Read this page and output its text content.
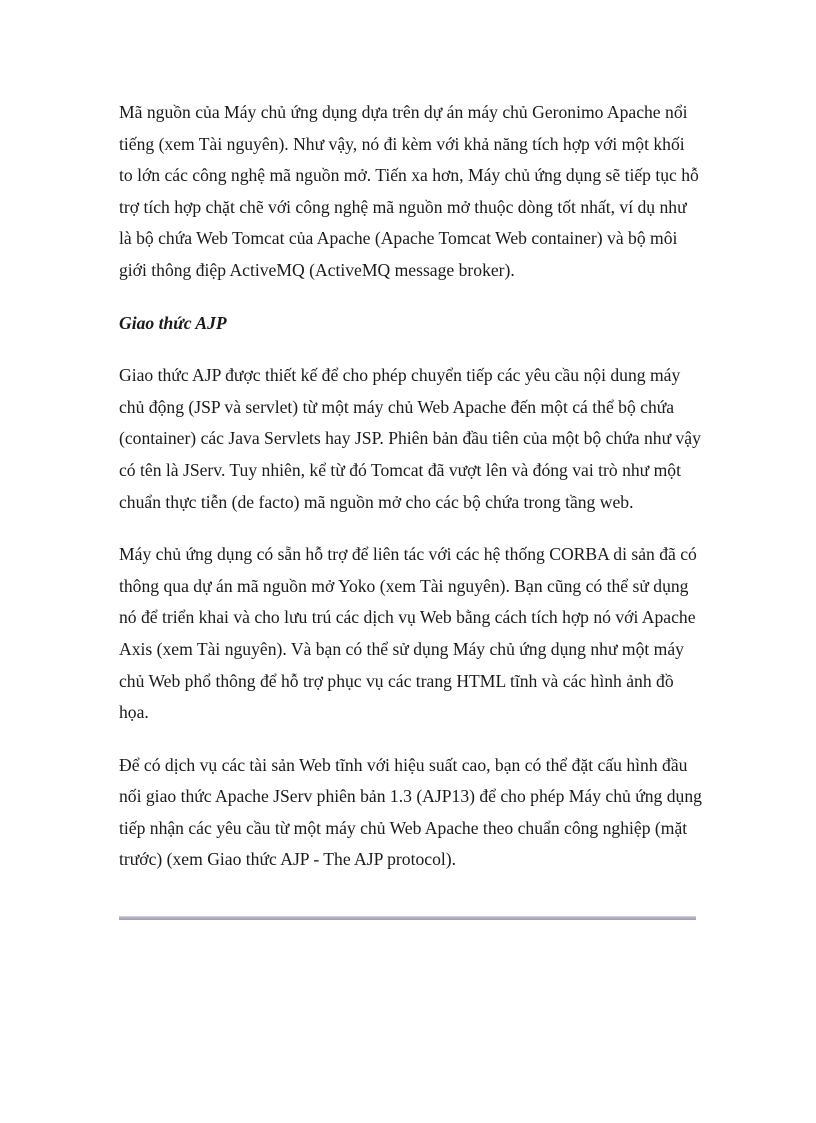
Mã nguồn của Máy chủ ứng dụng dựa trên dự án máy chủ Geronimo Apache nổi
tiếng (xem Tài nguyên). Như vậy, nó đi kèm với khả năng tích hợp với một khối
to lớn các công nghệ mã nguồn mở. Tiến xa hơn, Máy chủ ứng dụng sẽ tiếp tục hỗ
trợ tích hợp chặt chẽ với công nghệ mã nguồn mở thuộc dòng tốt nhất, ví dụ như
là bộ chứa Web Tomcat của Apache (Apache Tomcat Web container) và bộ môi
giới thông điệp ActiveMQ (ActiveMQ message broker).

Giao thức AJP

Giao thức AJP được thiết kế để cho phép chuyển tiếp các yêu cầu nội dung máy
chủ động (JSP và servlet) từ một máy chủ Web Apache đến một cá thể bộ chứa
(container) các Java Servlets hay JSP. Phiên bản đầu tiên của một bộ chứa như vậy
có tên là JServ. Tuy nhiên, kể từ đó Tomcat đã vượt lên và đóng vai trò như một
chuẩn thực tiễn (de facto) mã nguồn mở cho các bộ chứa trong tầng web.

Máy chủ ứng dụng có sẵn hỗ trợ để liên tác với các hệ thống CORBA di sản đã có
thông qua dự án mã nguồn mở Yoko (xem Tài nguyên). Bạn cũng có thể sử dụng
nó để triển khai và cho lưu trú các dịch vụ Web bằng cách tích hợp nó với Apache
Axis (xem Tài nguyên). Và bạn có thể sử dụng Máy chủ ứng dụng như một máy
chủ Web phổ thông để hỗ trợ phục vụ các trang HTML tĩnh và các hình ảnh đồ
họa.

Để có dịch vụ các tài sản Web tĩnh với hiệu suất cao, bạn có thể đặt cấu hình đầu
nối giao thức Apache JServ phiên bản 1.3 (AJP13) để cho phép Máy chủ ứng dụng
tiếp nhận các yêu cầu từ một máy chủ Web Apache theo chuẩn công nghiệp (mặt
trước) (xem Giao thức AJP - The AJP protocol).
